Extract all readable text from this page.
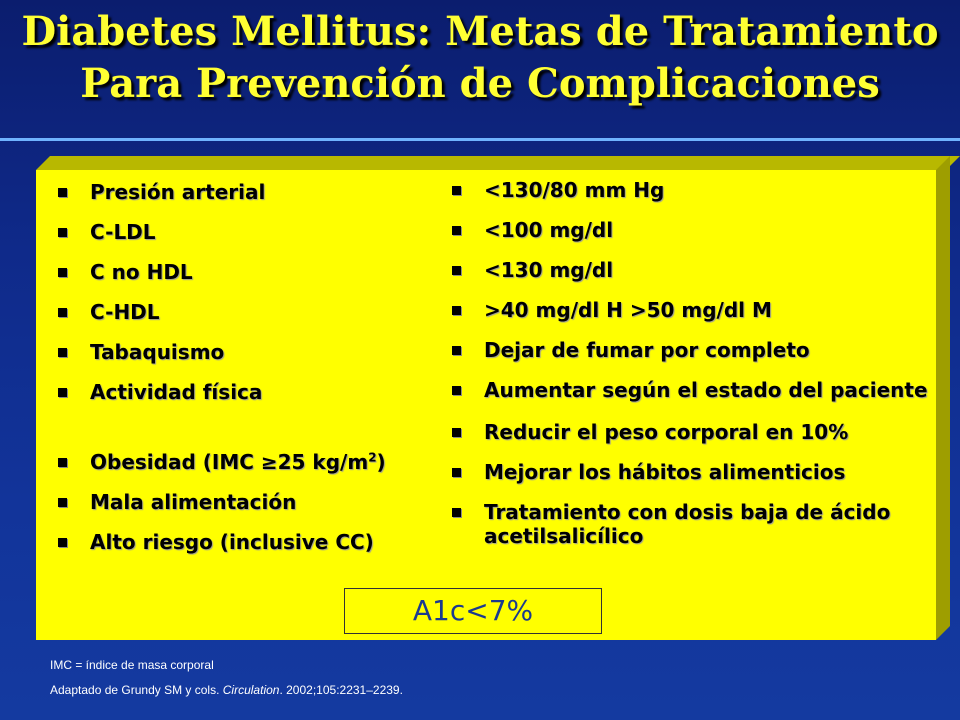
Diabetes Mellitus: Metas de Tratamiento
Para Prevención de Complicaciones
Presión arterial
C-LDL
C no HDL
C-HDL
Tabaquismo
Actividad física
Obesidad (IMC ≥25 $kg/m^2$)
Mala alimentación
Alto riesgo (inclusive CC)
<130/80 mm Hg
<100 mg/dl
<130 mg/dl
>40 mg/dl H >50 mg/dl M
Dejar de fumar por completo
Aumentar según el estado del paciente
Reducir el peso corporal en 10%
Mejorar los hábitos alimenticios
Tratamiento con dosis baja de ácido acetilsalicílico
A1c<7%
IMC = índice de masa corporal
Adaptado de Grundy SM y cols. Circulation. 2002;105:2231–2239.
